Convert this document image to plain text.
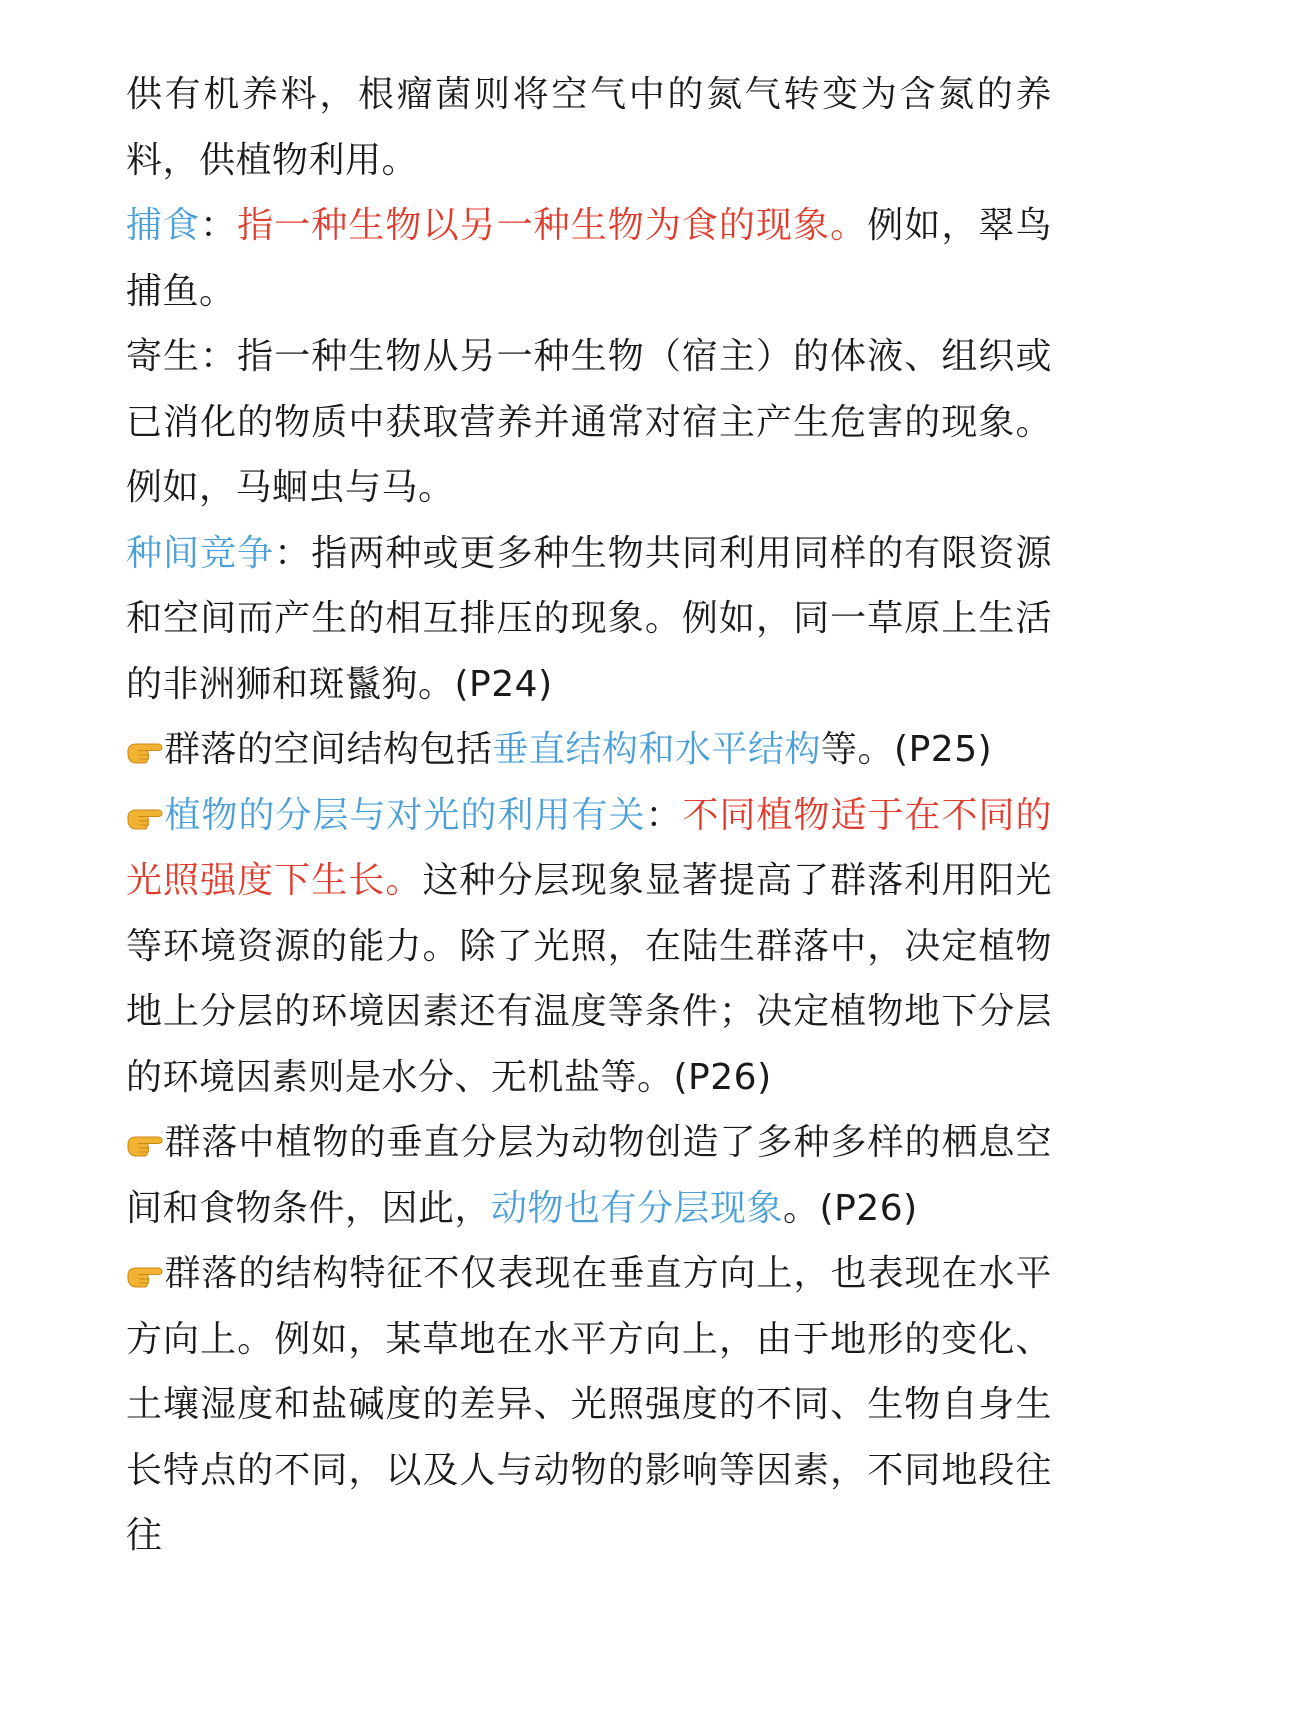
供有机养料，根瘤菌则将空气中的氮气转变为含氮的养料，供植物利用。

捕食：指一种生物以另一种生物为食的现象。例如，翠鸟捕鱼。

寄生：指一种生物从另一种生物（宿主）的体液、组织或已消化的物质中获取营养并通常对宿主产生危害的现象。例如，马蛔虫与马。

种间竞争：指两种或更多种生物共同利用同样的有限资源和空间而产生的相互排压的现象。例如，同一草原上生活的非洲狮和斑鬣狗。(P24)

群落的空间结构包括垂直结构和水平结构等。(P25)

植物的分层与对光的利用有关：不同植物适于在不同的光照强度下生长。这种分层现象显著提高了群落利用阳光等环境资源的能力。除了光照，在陆生群落中，决定植物地上分层的环境因素还有温度等条件；决定植物地下分层的环境因素则是水分、无机盐等。(P26)

群落中植物的垂直分层为动物创造了多种多样的栖息空间和食物条件，因此，动物也有分层现象。(P26)

群落的结构特征不仅表现在垂直方向上，也表现在水平方向上。例如，某草地在水平方向上，由于地形的变化、土壤湿度和盐碱度的差异、光照强度的不同、生物自身生长特点的不同，以及人与动物的影响等因素，不同地段往往
